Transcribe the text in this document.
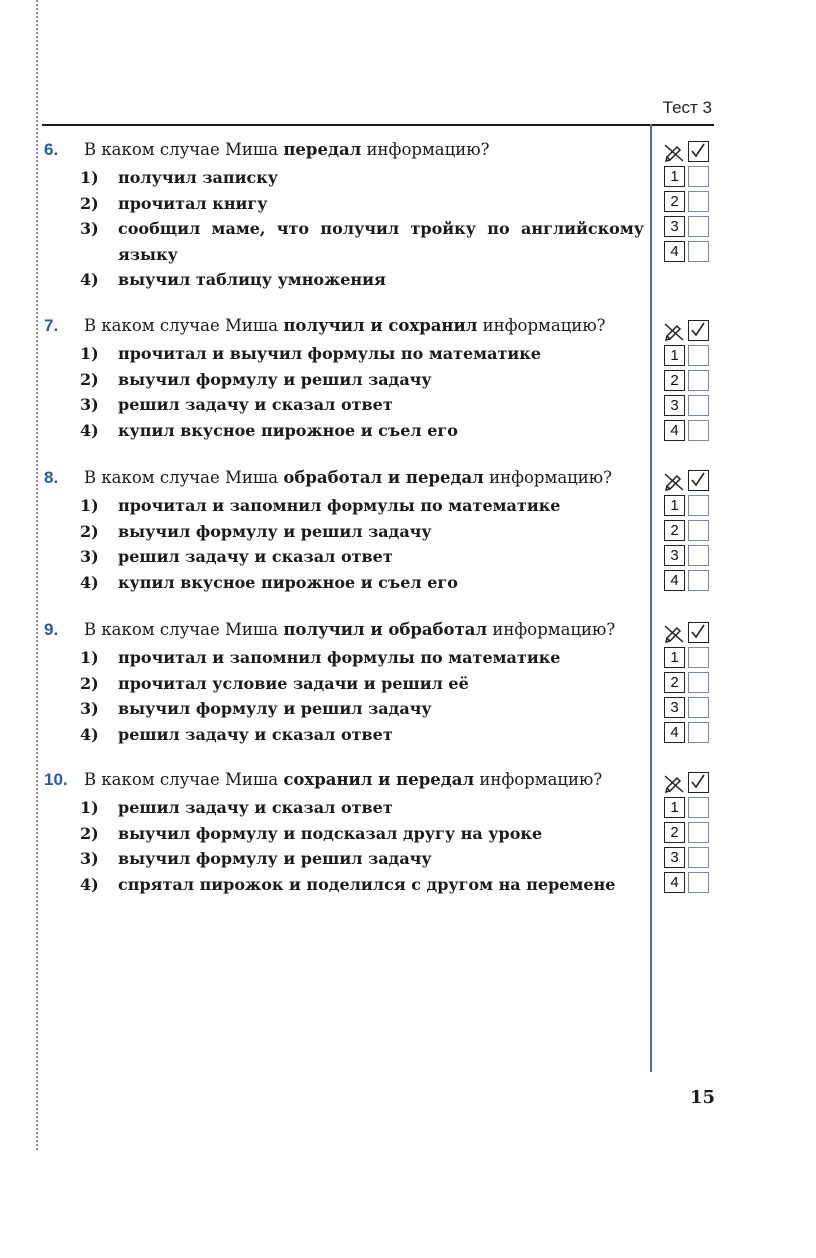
Тест 3
6. В каком случае Миша передал информацию?
1) получил записку
2) прочитал книгу
3) сообщил маме, что получил тройку по английскому языку
4) выучил таблицу умножения
7. В каком случае Миша получил и сохранил информацию?
1) прочитал и выучил формулы по математике
2) выучил формулу и решил задачу
3) решил задачу и сказал ответ
4) купил вкусное пирожное и съел его
8. В каком случае Миша обработал и передал информацию?
1) прочитал и запомнил формулы по математике
2) выучил формулу и решил задачу
3) решил задачу и сказал ответ
4) купил вкусное пирожное и съел его
9. В каком случае Миша получил и обработал информацию?
1) прочитал и запомнил формулы по математике
2) прочитал условие задачи и решил её
3) выучил формулу и решил задачу
4) решил задачу и сказал ответ
10. В каком случае Миша сохранил и передал информацию?
1) решил задачу и сказал ответ
2) выучил формулу и подсказал другу на уроке
3) выучил формулу и решил задачу
4) спрятал пирожок и поделился с другом на перемене
1
2
3
4
1
2
3
4
1
2
3
4
1
2
3
4
1
2
3
4
15
